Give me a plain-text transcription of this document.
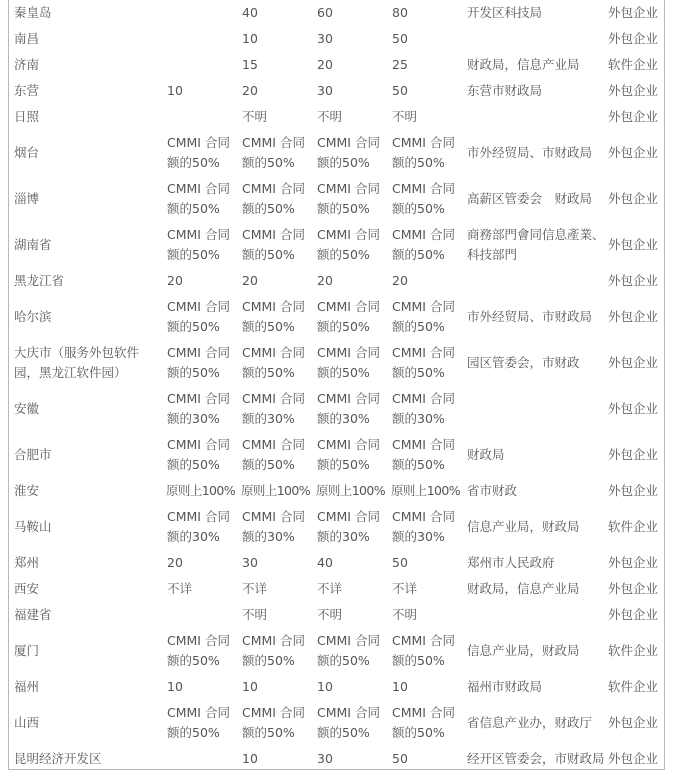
秦皇岛		40	60	80	开发区科技局	外包企业
南昌		10	30	50		外包企业
济南		15	20	25	财政局，信息产业局	软件企业
东营	10	20	30	50	东营市财政局	外包企业
日照		不明	不明	不明		外包企业
烟台	CMMI 合同额的50%	CMMI 合同额的50%	CMMI 合同额的50%	CMMI 合同额的50%	市外经贸局、市财政局	外包企业
淄博	CMMI 合同额的50%	CMMI 合同额的50%	CMMI 合同额的50%	CMMI 合同额的50%	高薪区管委会　财政局	外包企业
湖南省	CMMI 合同额的50%	CMMI 合同额的50%	CMMI 合同额的50%	CMMI 合同额的50%	商務部門會同信息產業、科技部門	外包企业
黑龙江省	20	20	20	20		外包企业
哈尔滨	CMMI 合同额的50%	CMMI 合同额的50%	CMMI 合同额的50%	CMMI 合同额的50%	市外经贸局、市财政局	外包企业
大庆市（服务外包软件园，黑龙江软件园）	CMMI 合同额的50%	CMMI 合同额的50%	CMMI 合同额的50%	CMMI 合同额的50%	园区管委会，市财政	外包企业
安徽	CMMI 合同额的30%	CMMI 合同额的30%	CMMI 合同额的30%	CMMI 合同额的30%		外包企业
合肥市	CMMI 合同额的50%	CMMI 合同额的50%	CMMI 合同额的50%	CMMI 合同额的50%	财政局	外包企业
淮安	原则上100%	原则上100%	原则上100%	原则上100%	省市财政	外包企业
马鞍山	CMMI 合同额的30%	CMMI 合同额的30%	CMMI 合同额的30%	CMMI 合同额的30%	信息产业局，财政局	软件企业
郑州	20	30	40	50	郑州市人民政府	外包企业
西安	不详	不详	不详	不详	财政局，信息产业局	外包企业
福建省		不明	不明	不明		外包企业
厦门	CMMI 合同额的50%	CMMI 合同额的50%	CMMI 合同额的50%	CMMI 合同额的50%	信息产业局，财政局	软件企业
福州	10	10	10	10	福州市财政局	软件企业
山西	CMMI 合同额的50%	CMMI 合同额的50%	CMMI 合同额的50%	CMMI 合同额的50%	省信息产业办，财政厅	外包企业
昆明经济开发区		10	30	50	经开区管委会，市财政局	外包企业
